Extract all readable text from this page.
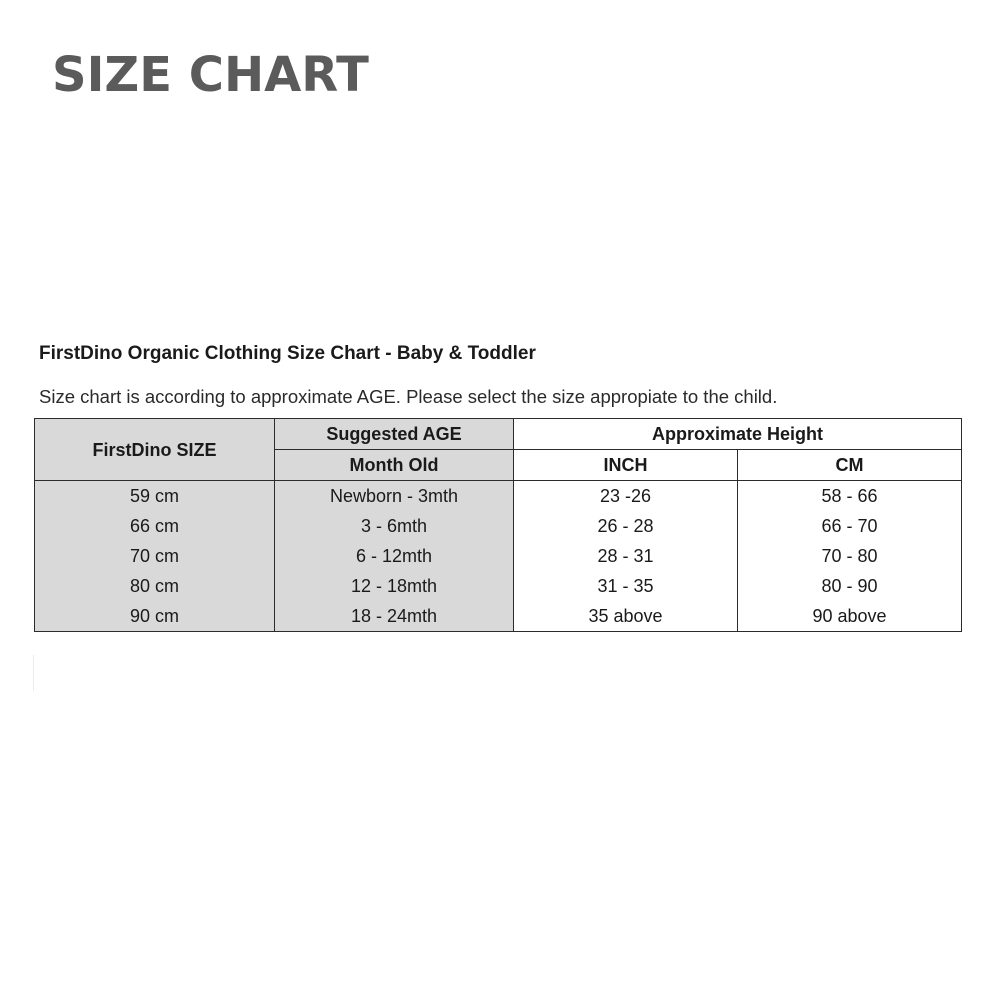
SIZE CHART
FirstDino Organic Clothing Size Chart - Baby & Toddler

Size chart is according to approximate AGE. Please select the size appropiate to the child.

FirstDino SIZE	Suggested AGE	Approximate Height	
	Month Old	INCH	CM
59 cm	Newborn - 3mth	23 -26	58 - 66
66 cm	3 - 6mth	26 - 28	66 - 70
70 cm	6 - 12mth	28 - 31	70 - 80
80 cm	12 - 18mth	31 - 35	80 - 90
90 cm	18 - 24mth	35 above	90 above
